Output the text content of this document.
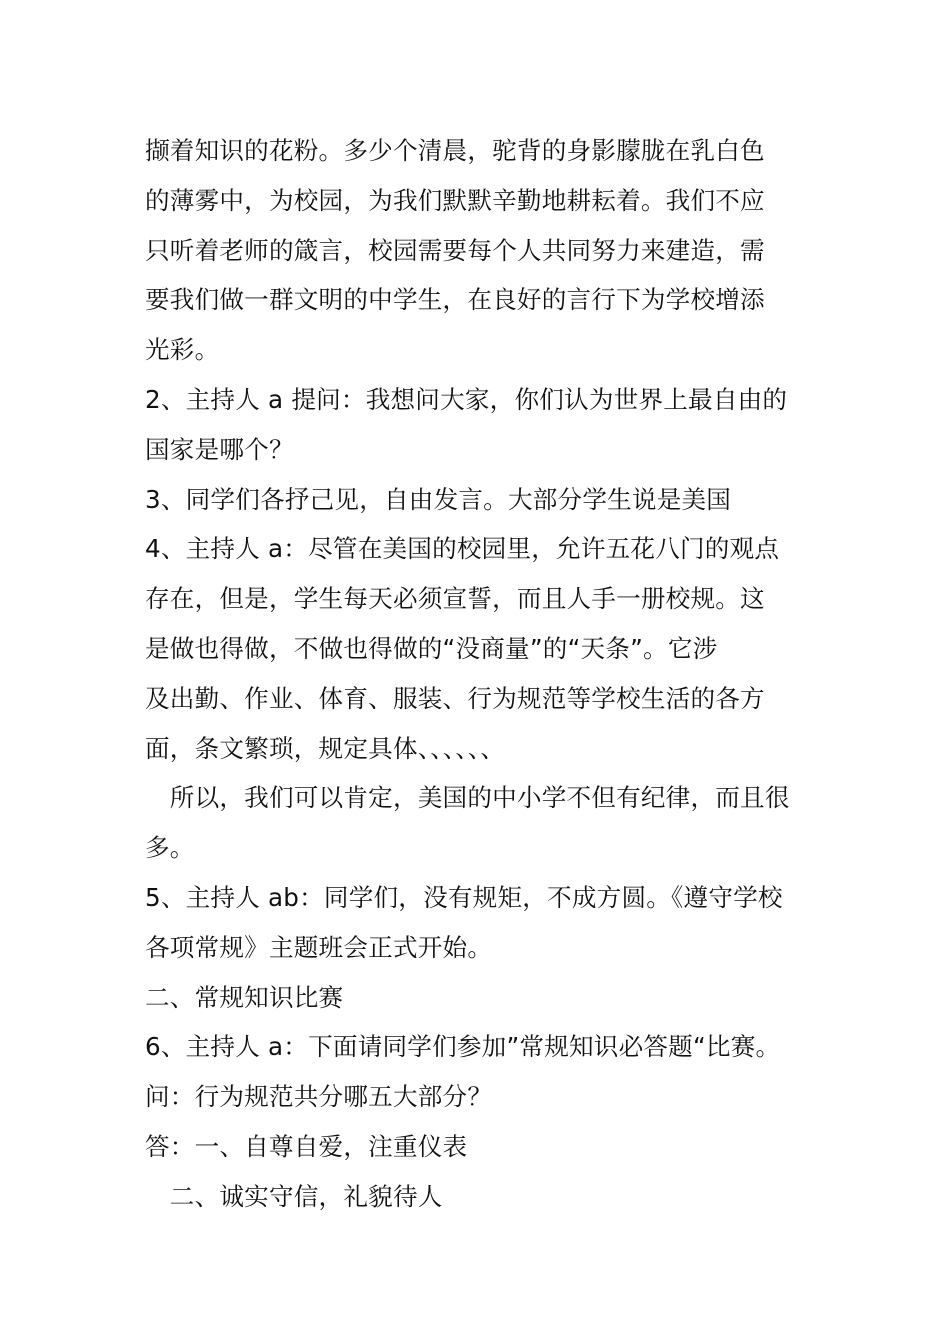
撷着知识的花粉。多少个清晨，驼背的身影朦胧在乳白色
的薄雾中，为校园，为我们默默辛勤地耕耘着。我们不应
只听着老师的箴言，校园需要每个人共同努力来建造，需
要我们做一群文明的中学生，在良好的言行下为学校增添
光彩。
2、主持人 a 提问：我想问大家，你们认为世界上最自由的
国家是哪个？
3、同学们各抒己见，自由发言。大部分学生说是美国
4、主持人 a：尽管在美国的校园里，允许五花八门的观点
存在，但是，学生每天必须宣誓，而且人手一册校规。这
是做也得做，不做也得做的“没商量”的“天条”。它涉
及出勤、作业、体育、服装、行为规范等学校生活的各方
面，条文繁琐，规定具体、、、、、、
　所以，我们可以肯定，美国的中小学不但有纪律，而且很
多。
5、主持人 ab：同学们，没有规矩，不成方圆。《遵守学校
各项常规》主题班会正式开始。
二、常规知识比赛
6、主持人 a：下面请同学们参加”常规知识必答题“比赛。
问：行为规范共分哪五大部分？
答：一、自尊自爱，注重仪表
　二、诚实守信，礼貌待人
